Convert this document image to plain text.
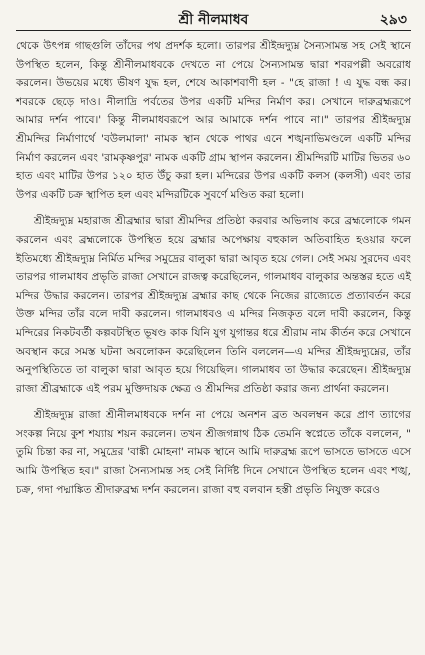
শ্রী নীলমাধব	২৯৩

থেকে উৎপন্ন গাছগুলি তাঁদের পথ প্রদর্শক হলো। তারপর শ্রীইন্দ্রদ্যুম্ন সৈন্যসামন্ত সহ সেই স্থানে উপস্থিত হলেন, কিন্তু শ্রীনীলমাধবকে দেখতে না পেয়ে সৈন্যসামন্ত দ্বারা শবরপল্লী অবরোধ করলেন। উভয়ের মধ্যে ভীষণ যুদ্ধ হল, শেষে আকাশবাণী হল - "হে রাজা ! এ যুদ্ধ বন্ধ কর। শবরকে ছেড়ে দাও। নীলাদ্রি পর্বতের উপর একটি মন্দির নির্মাণ কর। সেখানে দারুব্রহ্মরূপে আমার দর্শন পাবে।' কিন্তু নীলমাধবরূপে আর আমাকে দর্শন পাবে না।" তারপর শ্রীইন্দ্রদ্যুম্ন শ্রীমন্দির নির্মাণার্থে 'বউলমালা' নামক স্থান থেকে পাথর এনে শঙ্খনাভিমণ্ডলে একটি মন্দির নির্মাণ করলেন এবং 'রামকৃষ্ণপুর' নামক একটি গ্রাম স্থাপন করলেন। শ্রীমন্দিরটি মাটির ভিতর ৬০ হাত এবং মাটির উপর ১২০ হাত উঁচু করা হল। মন্দিরের উপর একটি কলস (কলসী) এবং তার উপর একটি চক্র স্থাপিত হল এবং মন্দিরটিকে সুবর্ণে মণ্ডিত করা হলো।

শ্রীইন্দ্রদ্যুম্ন মহারাজ শ্রীব্রহ্মার দ্বারা শ্রীমন্দির প্রতিষ্ঠা করবার অভিলাষ করে ব্রহ্মলোকে গমন করলেন এবং ব্রহ্মলোকে উপস্থিত হয়ে ব্রহ্মার অপেক্ষায় বহুকাল অতিবাহিত হওয়ার ফলে ইতিমধ্যে শ্রীইন্দ্রদ্যুম্ন নির্মিত মন্দির সমুদ্রের বালুকা দ্বারা আবৃত হয়ে গেল। সেই সময় সুরদেব এবং তারপর গালমাধব প্রভৃতি রাজা সেখানে রাজত্ব করেছিলেন, গালমাধব বালুকার অন্তস্তর হতে এই মন্দির উদ্ধার করলেন। তারপর শ্রীইন্দ্রদ্যুম্ন ব্রহ্মার কাছ থেকে নিজের রাজ্যেতে প্রত্যাবর্তন করে উক্ত মন্দির তাঁর বলে দাবী করলেন। গালমাধবও এ মন্দির নিজকৃত বলে দাবী করলেন, কিন্তু মন্দিরের নিকটবর্তী কল্পবটস্থিত ভূষণ্ড কাক যিনি যুগ যুগান্তর ধরে শ্রীরাম নাম কীর্তন করে সেখানে অবস্থান করে সমস্ত ঘটনা অবলোকন করেছিলেন তিনি বললেন—এ মন্দির শ্রীইন্দ্রদ্যুম্নের, তাঁর অনুপস্থিতিতে তা বালুকা দ্বারা আবৃত হয়ে গিয়েছিল। গালমাধব তা উদ্ধার করেছেন। শ্রীইন্দ্রদ্যুম্ন রাজা শ্রীব্রহ্মাকে এই পরম মুক্তিদায়ক ক্ষেত্র ও শ্রীমন্দির প্রতিষ্ঠা করার জন্য প্রার্থনা করলেন।

শ্রীইন্দ্রদ্যুম্ন রাজা শ্রীনীলমাধবকে দর্শন না পেয়ে অনশন ব্রত অবলম্বন করে প্রাণ ত্যাগের সংকল্প নিয়ে কুশ শয্যায় শয়ন করলেন। তখন শ্রীজগন্নাথ ঠিক তেমনি স্বপ্নেতে তাঁকে বললেন, " তুমি চিন্তা কর না, সমুদ্রের 'বাঙ্কী মোহনা' নামক স্থানে আমি দারুব্রহ্ম রূপে ভাসতে ভাসতে এসে আমি উপস্থিত হব।" রাজা সৈন্যসামন্ত সহ সেই নির্দিষ্ট দিনে সেখানে উপস্থিত হলেন এবং শঙ্খ, চক্র, গদা পদ্মাঙ্কিত শ্রীদারুব্রহ্ম দর্শন করলেন। রাজা বহু বলবান হস্তী প্রভৃতি নিযুক্ত করেও
